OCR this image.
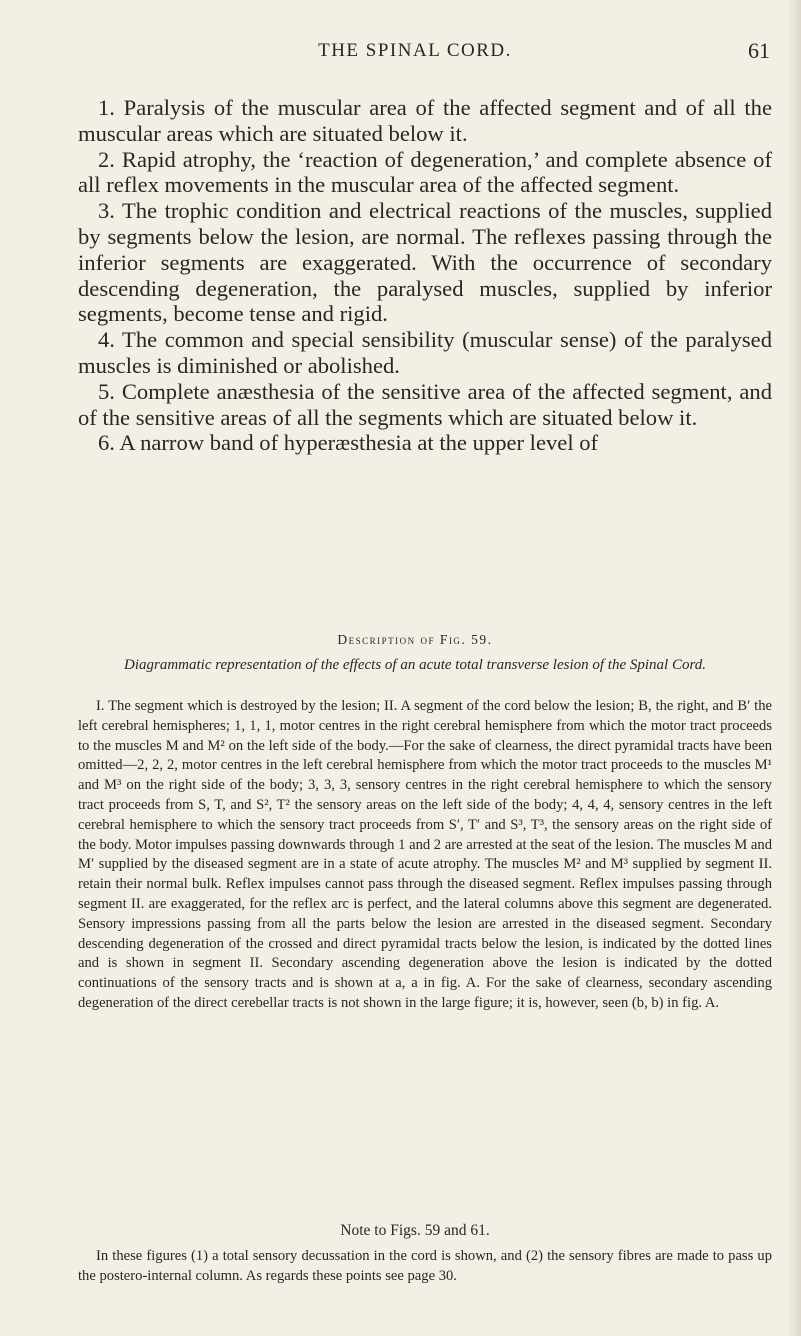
THE SPINAL CORD.	61

1. Paralysis of the muscular area of the affected segment and of all the muscular areas which are situated below it.

2. Rapid atrophy, the ‘reaction of degeneration,’ and complete absence of all reflex movements in the muscular area of the affected segment.

3. The trophic condition and electrical reactions of the muscles, supplied by segments below the lesion, are normal. The reflexes passing through the inferior segments are exaggerated. With the occurrence of secondary descending degeneration, the paralysed muscles, supplied by inferior segments, become tense and rigid.

4. The common and special sensibility (muscular sense) of the paralysed muscles is diminished or abolished.

5. Complete anæsthesia of the sensitive area of the affected segment, and of the sensitive areas of all the segments which are situated below it.

6. A narrow band of hyperæsthesia at the upper level of

Description of Fig. 59.
Diagrammatic representation of the effects of an acute total transverse lesion of the Spinal Cord.

I. The segment which is destroyed by the lesion; II. A segment of the cord below the lesion; B, the right, and B′ the left cerebral hemispheres; 1, 1, 1, motor centres in the right cerebral hemisphere from which the motor tract proceeds to the muscles M and M² on the left side of the body.—For the sake of clearness, the direct pyramidal tracts have been omitted—2, 2, 2, motor centres in the left cerebral hemisphere from which the motor tract proceeds to the muscles M¹ and M³ on the right side of the body; 3, 3, 3, sensory centres in the right cerebral hemisphere to which the sensory tract proceeds from S, T, and S², T² the sensory areas on the left side of the body; 4, 4, 4, sensory centres in the left cerebral hemisphere to which the sensory tract proceeds from S′, T′ and S³, T³, the sensory areas on the right side of the body. Motor impulses passing downwards through 1 and 2 are arrested at the seat of the lesion. The muscles M and M′ supplied by the diseased segment are in a state of acute atrophy. The muscles M² and M³ supplied by segment II. retain their normal bulk. Reflex impulses cannot pass through the diseased segment. Reflex impulses passing through segment II. are exaggerated, for the reflex arc is perfect, and the lateral columns above this segment are degenerated. Sensory impressions passing from all the parts below the lesion are arrested in the diseased segment. Secondary descending degeneration of the crossed and direct pyramidal tracts below the lesion, is indicated by the dotted lines and is shown in segment II. Secondary ascending degeneration above the lesion is indicated by the dotted continuations of the sensory tracts and is shown at a, a in fig. A. For the sake of clearness, secondary ascending degeneration of the direct cerebellar tracts is not shown in the large figure; it is, however, seen (b, b) in fig. A.

Note to Figs. 59 and 61.

In these figures (1) a total sensory decussation in the cord is shown, and (2) the sensory fibres are made to pass up the postero-internal column. As regards these points see page 30.
